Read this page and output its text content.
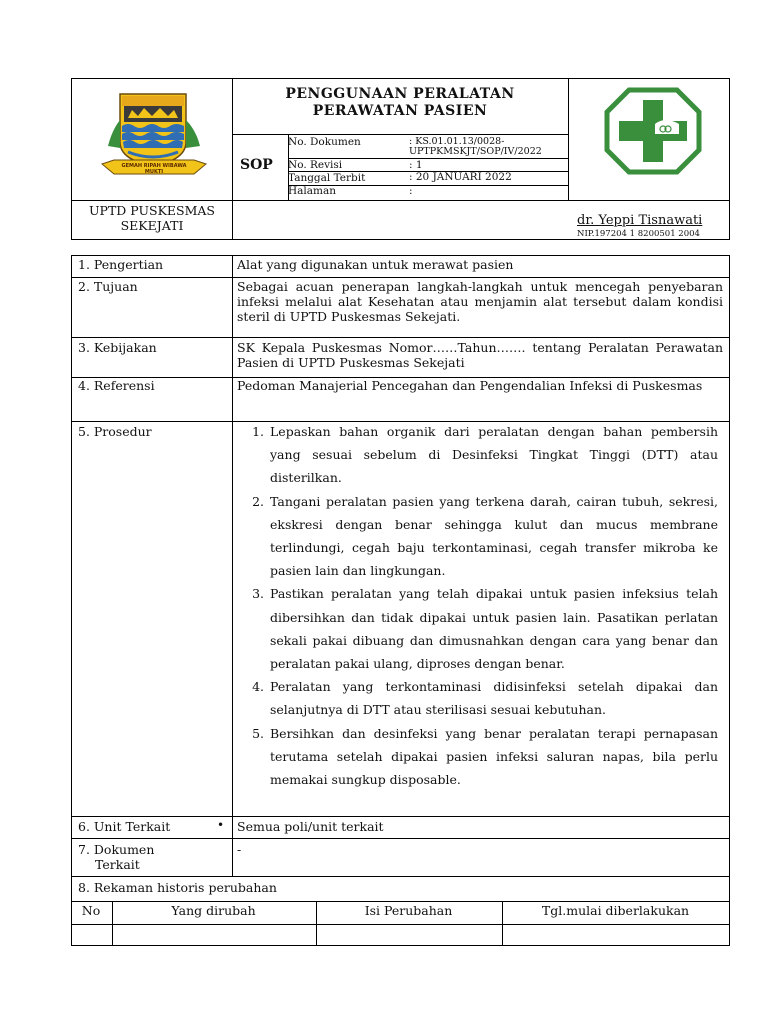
GEMAH RIPAH WIBAWA MUKTI
PENGGUNAAN PERALATAN
PERAWATAN PASIEN
SOP
No. Dokumen	: KS.01.01.13/0028-
UPTPKMSKJT/SOP/IV/2022
No. Revisi	: 1
Tanggal Terbit	: 20 JANUARI 2022
Halaman	:
UPTD PUSKESMAS
SEKEJATI	dr. Yeppi Tisnawati
NIP.197204 1 8200501 2004
1. Pengertian	Alat yang digunakan untuk merawat pasien
2. Tujuan	Sebagai acuan penerapan langkah-langkah untuk mencegah penyebaran infeksi melalui alat Kesehatan atau menjamin alat tersebut dalam kondisi steril di UPTD Puskesmas Sekejati.
3. Kebijakan	SK Kepala Puskesmas Nomor……Tahun……. tentang Peralatan Perawatan Pasien di UPTD Puskesmas Sekejati
4. Referensi	Pedoman Manajerial Pencegahan dan Pengendalian Infeksi di Puskesmas
5. Prosedur
1.	Lepaskan bahan organik dari peralatan dengan bahan pembersih yang sesuai sebelum di Desinfeksi Tingkat Tinggi (DTT) atau disterilkan.
2. Tangani peralatan pasien yang terkena darah, cairan tubuh, sekresi, ekskresi dengan benar sehingga kulut dan mucus membrane terlindungi, cegah baju terkontaminasi, cegah transfer mikroba ke pasien lain dan lingkungan.
3. Pastikan peralatan yang telah dipakai untuk pasien infeksius telah dibersihkan dan tidak dipakai untuk pasien lain. Pasatikan perlatan sekali pakai dibuang dan dimusnahkan dengan cara yang benar dan peralatan pakai ulang, diproses dengan benar.
4. Peralatan yang terkontaminasi didisinfeksi setelah dipakai dan selanjutnya di DTT atau sterilisasi sesuai kebutuhan.
5. Bersihkan dan desinfeksi yang benar peralatan terapi pernapasan terutama setelah dipakai pasien infeksi saluran napas, bila perlu memakai sungkup disposable.
6. Unit Terkait	• Semua poli/unit terkait
7. Dokumen
Terkait
-
8. Rekaman historis perubahan
No	Yang dirubah	Isi Perubahan	Tgl.mulai diberlakukan
